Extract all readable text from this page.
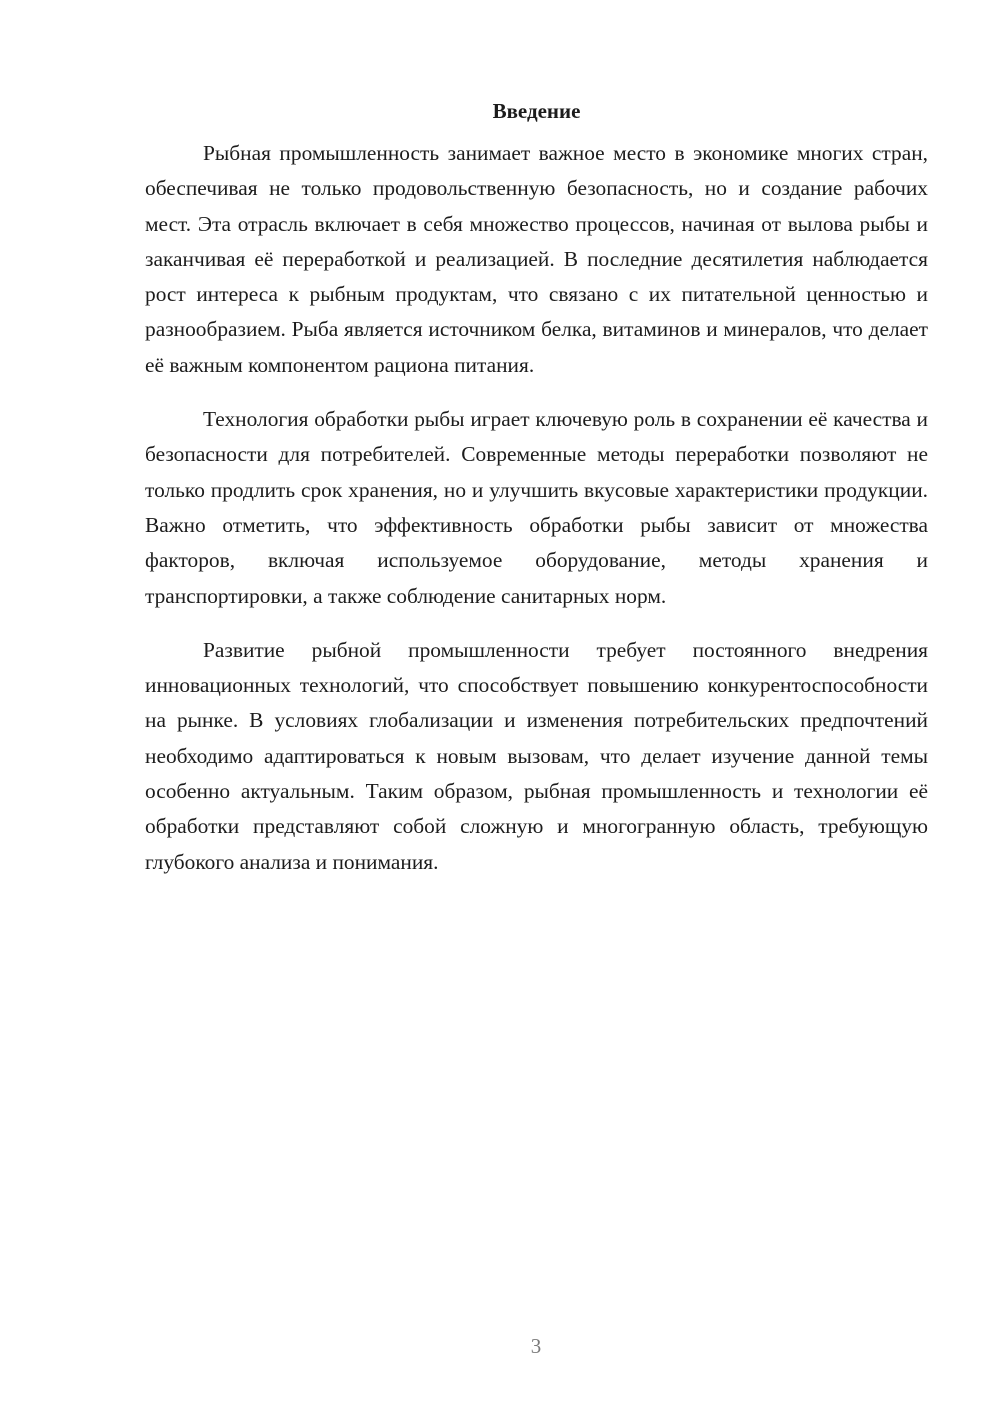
Введение

Рыбная промышленность занимает важное место в экономике многих стран, обеспечивая не только продовольственную безопасность, но и создание рабочих мест. Эта отрасль включает в себя множество процессов, начиная от вылова рыбы и заканчивая её переработкой и реализацией. В последние десятилетия наблюдается рост интереса к рыбным продуктам, что связано с их питательной ценностью и разнообразием. Рыба является источником белка, витаминов и минералов, что делает её важным компонентом рациона питания.

Технология обработки рыбы играет ключевую роль в сохранении её качества и безопасности для потребителей. Современные методы переработки позволяют не только продлить срок хранения, но и улучшить вкусовые характеристики продукции. Важно отметить, что эффективность обработки рыбы зависит от множества факторов, включая используемое оборудование, методы хранения и транспортировки, а также соблюдение санитарных норм.

Развитие рыбной промышленности требует постоянного внедрения инновационных технологий, что способствует повышению конкурентоспособности на рынке. В условиях глобализации и изменения потребительских предпочтений необходимо адаптироваться к новым вызовам, что делает изучение данной темы особенно актуальным. Таким образом, рыбная промышленность и технологии её обработки представляют собой сложную и многогранную область, требующую глубокого анализа и понимания.

3
